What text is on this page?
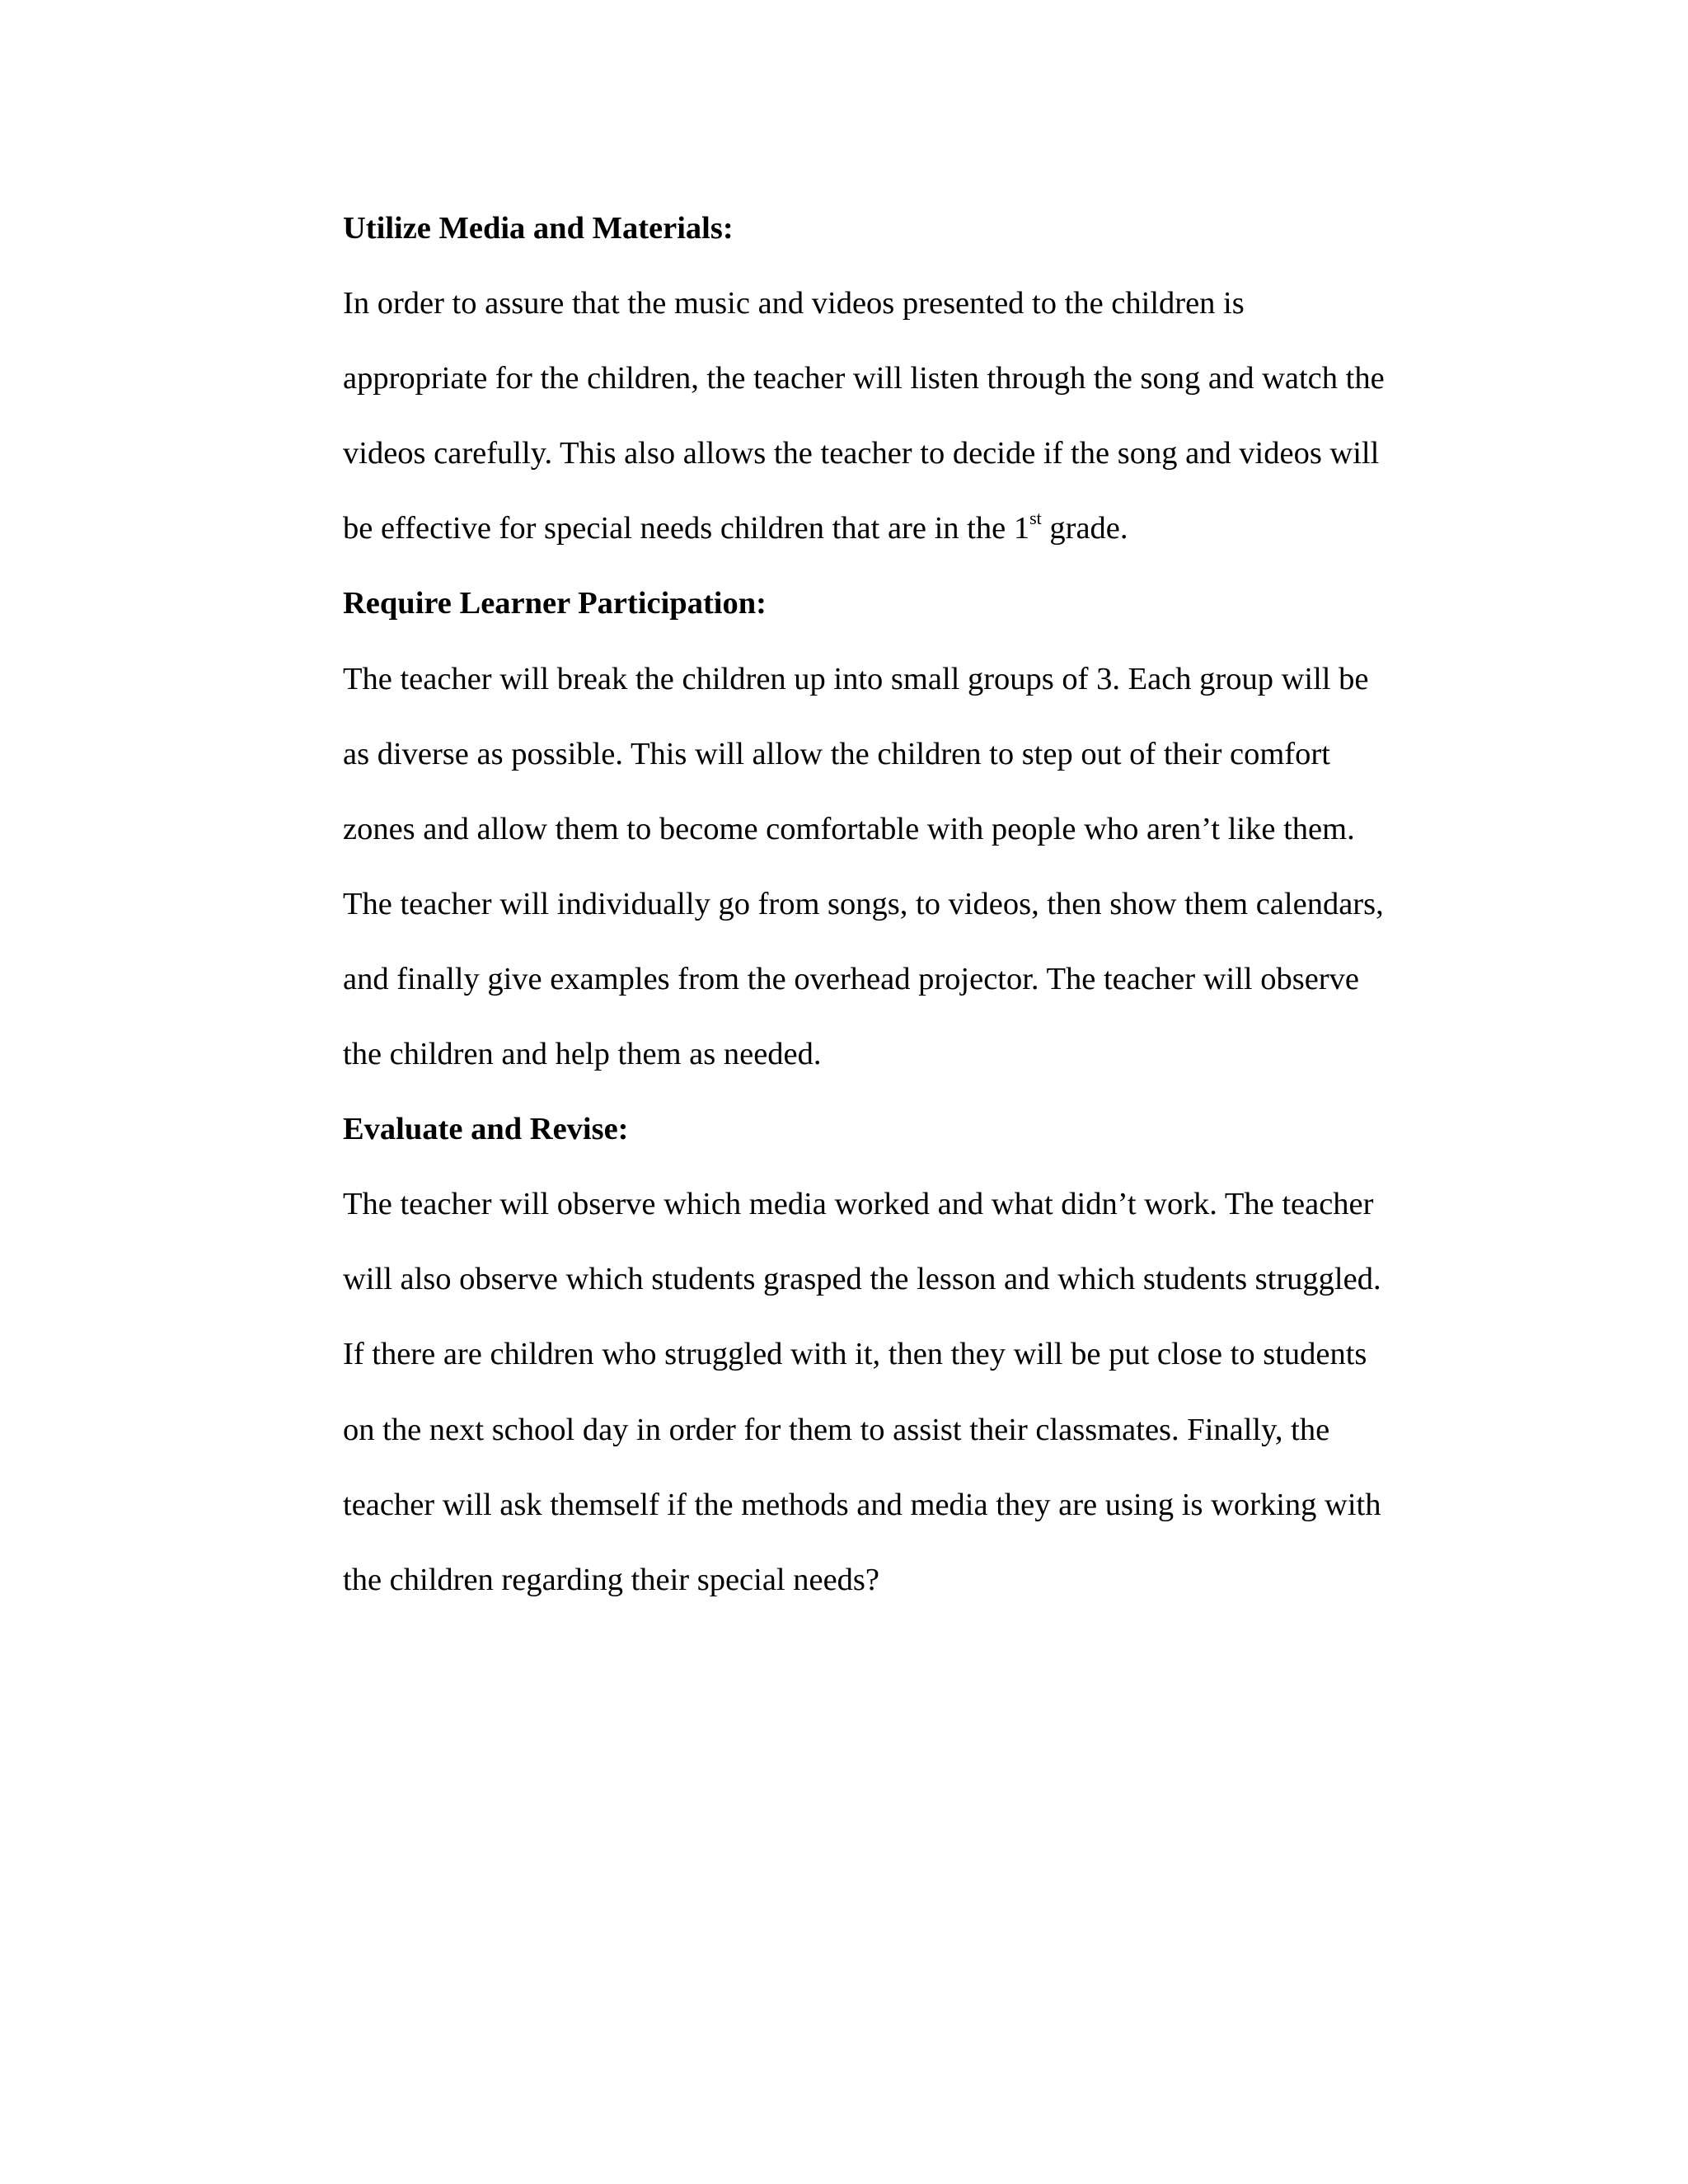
Utilize Media and Materials:

In order to assure that the music and videos presented to the children is

appropriate for the children, the teacher will listen through the song and watch the

videos carefully. This also allows the teacher to decide if the song and videos will

be effective for special needs children that are in the 1st grade.

Require Learner Participation:

The teacher will break the children up into small groups of 3. Each group will be

as diverse as possible. This will allow the children to step out of their comfort

zones and allow them to become comfortable with people who aren’t like them.

The teacher will individually go from songs, to videos, then show them calendars,

and finally give examples from the overhead projector. The teacher will observe

the children and help them as needed.

Evaluate and Revise:

The teacher will observe which media worked and what didn’t work. The teacher

will also observe which students grasped the lesson and which students struggled.

If there are children who struggled with it, then they will be put close to students

on the next school day in order for them to assist their classmates. Finally, the

teacher will ask themself if the methods and media they are using is working with

the children regarding their special needs?
